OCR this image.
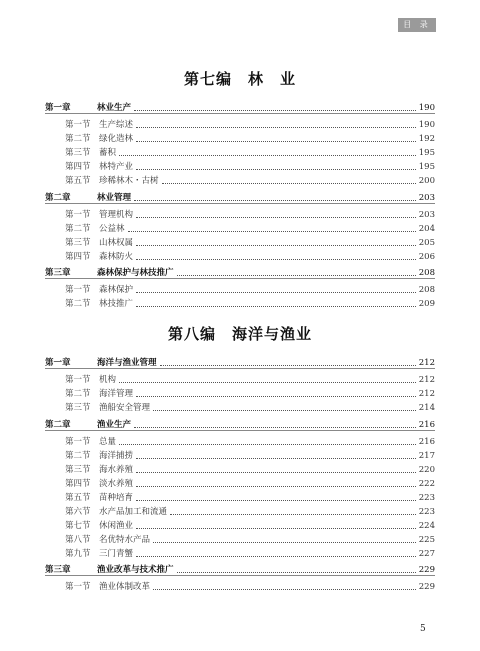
目 录
第七编　林　业
第八编　海洋与渔业
第一章	林业生产	190
第一节 生产综述	190
第二节 绿化造林	192
第三节 蓄积	195
第四节 林特产业	195
第五节 珍稀林木・古树	200
第二章	林业管理	203
第一节 管理机构	203
第二节 公益林	204
第三节 山林权属	205
第四节 森林防火	206
第三章	森林保护与林技推广	208
第一节 森林保护	208
第二节 林技推广	209
第一章	海洋与渔业管理	212
第一节 机构	212
第二节 海洋管理	212
第三节 渔船安全管理	214
第二章	渔业生产	216
第一节 总量	216
第二节 海洋捕捞	217
第三节 海水养殖	220
第四节 淡水养殖	222
第五节 苗种培育	223
第六节 水产品加工和流通	223
第七节 休闲渔业	224
第八节 名优特水产品	225
第九节 三门青蟹	227
第三章	渔业改革与技术推广	229
第一节 渔业体制改革	229
5
